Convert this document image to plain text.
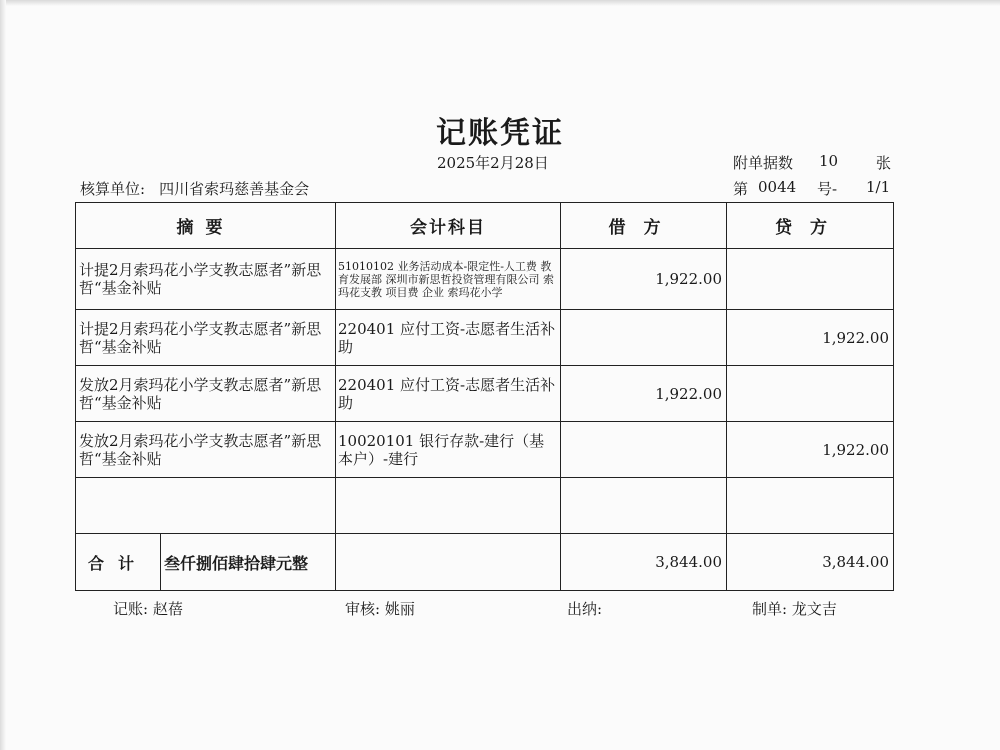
记账凭证
2025年2月28日	附单据数 10	张
核算单位: 四川省索玛慈善基金会	第 0044 号- 1/1
摘要	会计科目	借方	贷方
计提2月索玛花小学支教志愿者”新思哲“基金补贴	51010102 业务活动成本-限定性-人工费 教育发展部 深圳市新思哲投资管理有限公司 索玛花支教 项目费 企业 索玛花小学	1,922.00	
计提2月索玛花小学支教志愿者”新思哲“基金补贴	220401 应付工资-志愿者生活补助		1,922.00
发放2月索玛花小学支教志愿者”新思哲“基金补贴	220401 应付工资-志愿者生活补助	1,922.00	
发放2月索玛花小学支教志愿者”新思哲“基金补贴	10020101 银行存款-建行（基本户）-建行		1,922.00

合计 叁仟捌佰肆拾肆元整		3,844.00	3,844.00
记账: 赵蓓	审核: 姚丽	出纳:	制单: 龙文吉
